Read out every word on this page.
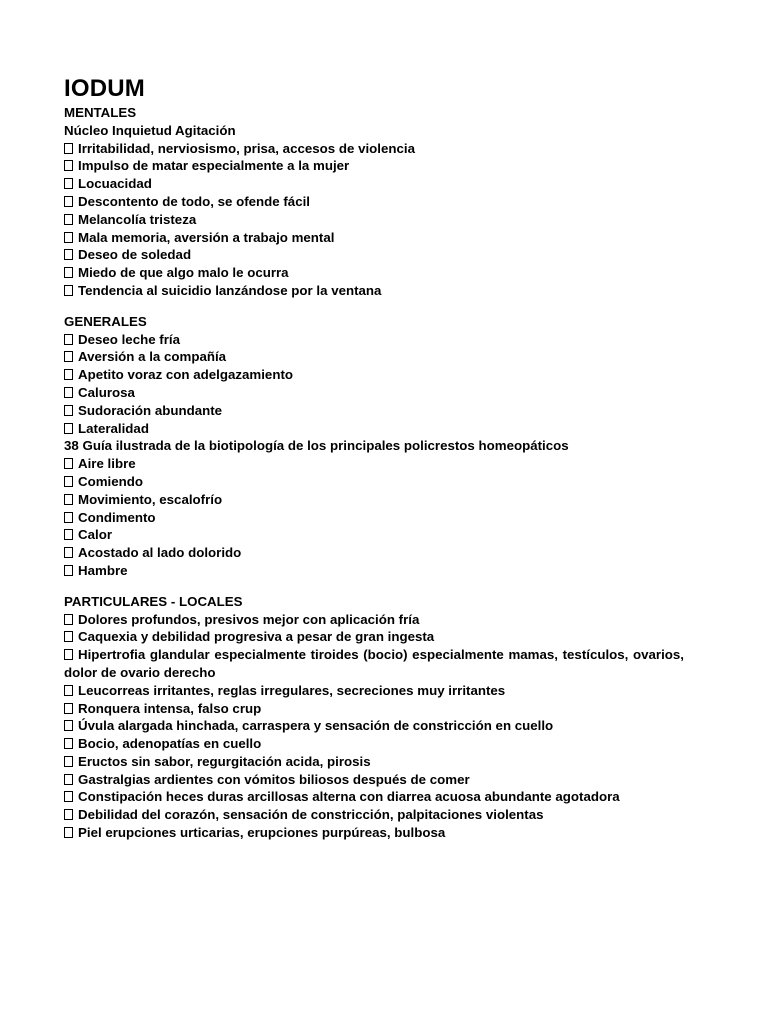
IODUM
MENTALES
Núcleo Inquietud Agitación
Irritabilidad, nerviosismo, prisa, accesos de violencia
Impulso de matar especialmente a la mujer
Locuacidad
Descontento de todo, se ofende fácil
Melancolía tristeza
Mala memoria, aversión a trabajo mental
Deseo de soledad
Miedo de que algo malo le ocurra
Tendencia al suicidio lanzándose por la ventana
GENERALES
Deseo leche fría
Aversión a la compañía
Apetito voraz con adelgazamiento
Calurosa
Sudoración abundante
Lateralidad
38 Guía ilustrada de la biotipología de los principales policrestos homeopáticos
Aire libre
Comiendo
Movimiento, escalofrío
Condimento
Calor
Acostado al lado dolorido
Hambre
PARTICULARES - LOCALES
Dolores profundos, presivos mejor con aplicación fría
Caquexia y debilidad progresiva a pesar de gran ingesta
Hipertrofia glandular especialmente tiroides (bocio) especialmente mamas, testículos, ovarios, dolor de ovario derecho
Leucorreas irritantes, reglas irregulares, secreciones muy irritantes
Ronquera intensa, falso crup
Úvula alargada hinchada, carraspera y sensación de constricción en cuello
Bocio, adenopatías en cuello
Eructos sin sabor, regurgitación acida, pirosis
Gastralgias ardientes con vómitos biliosos después de comer
Constipación heces duras arcillosas alterna con diarrea acuosa abundante agotadora
Debilidad del corazón, sensación de constricción, palpitaciones violentas
Piel erupciones urticarias, erupciones purpúreas, bulbosa
